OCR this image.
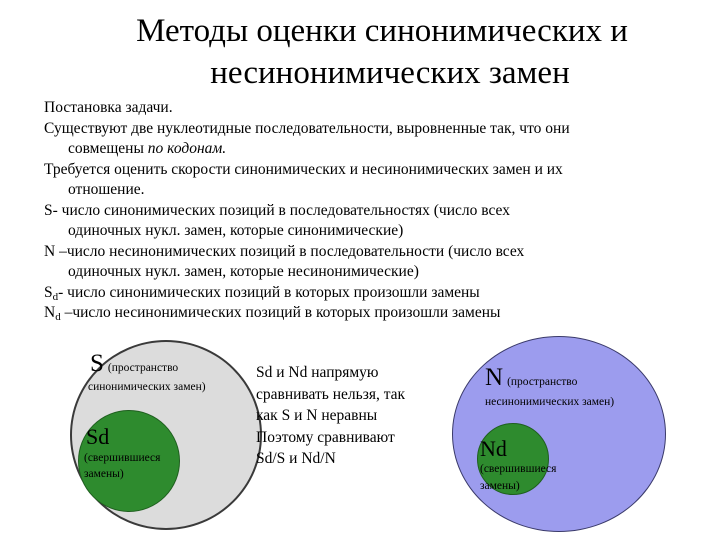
Методы оценки синонимических и
несинонимических замен

Постановка задачи.

Существуют две нуклеотидные последовательности, выровненные так, что они

совмещены по кодонам.

Требуется оценить скорости синонимических и несинонимических замен и их

отношение.

S- число синонимических позиций в последовательностях (число всех

одиночных нукл. замен, которые синонимические)

N –число несинонимических позиций в последовательности (число всех

одиночных нукл. замен, которые несинонимические)

$S_d-$ число синонимических позиций в которых произошли замены

$N_d$ –число несинонимических позиций в которых произошли замены

S (пространство
синонимических замен)
Sd
(свершившиеся
замены)
Sd и Nd напрямую
сравнивать нельзя, так
как S и N неравны
Поэтому сравнивают
Sd/S и Nd/N
N (пространство
несинонимических замен)
Nd
(свершившиеся
замены)
